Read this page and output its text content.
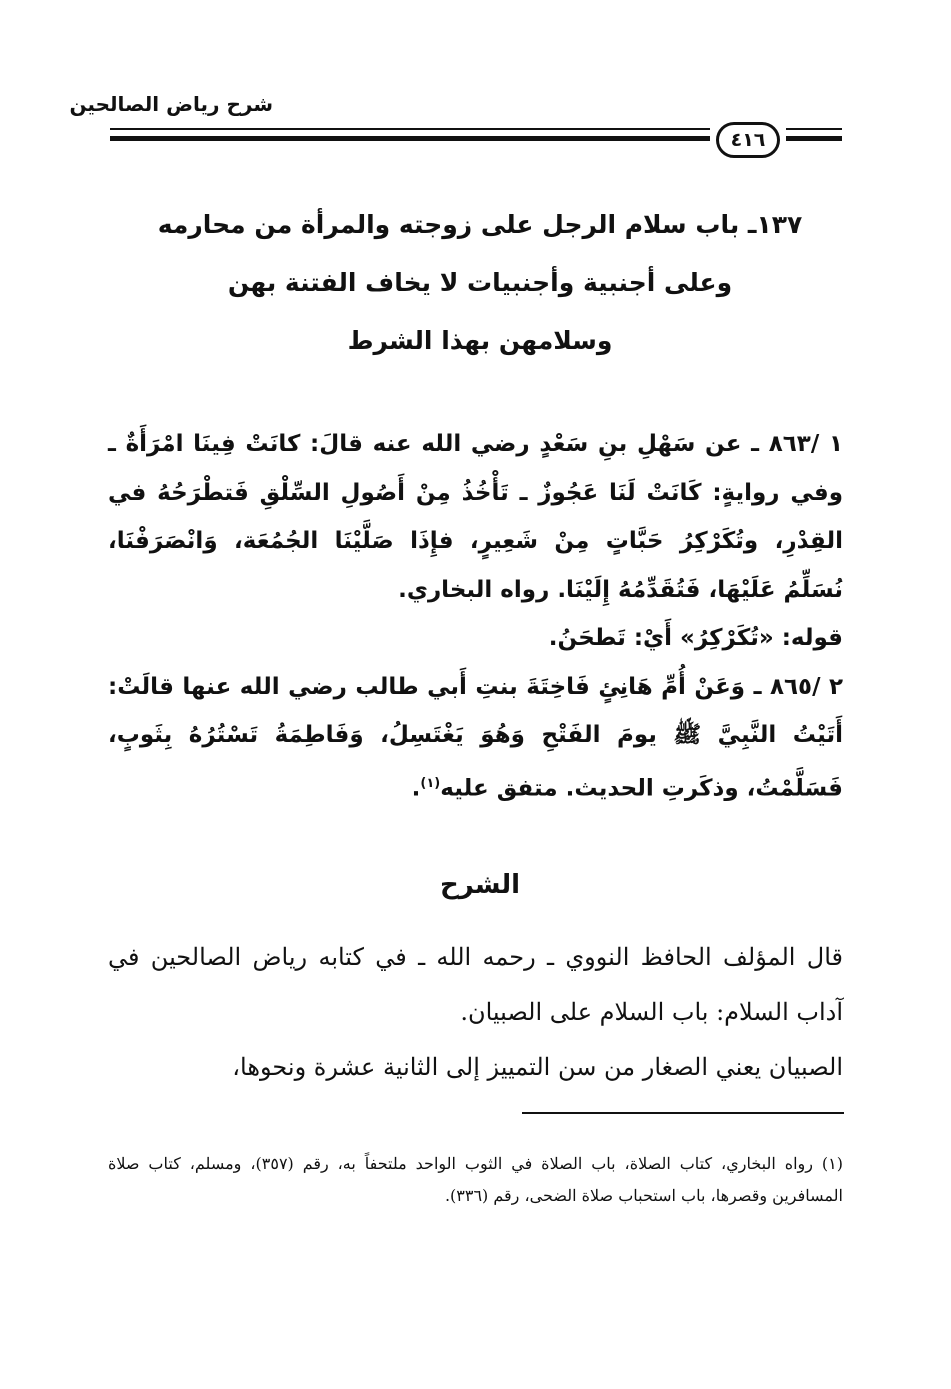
شرح رياض الصالحين
٤١٦
١٣٧ـ باب سلام الرجل على زوجته والمرأة من محارمه
وعلى أجنبية وأجنبيات لا يخاف الفتنة بهن
وسلامهن بهذا الشرط

١ /٨٦٣ ـ عن سَهْلِ بنِ سَعْدٍ رضي الله عنه قالَ: كانَتْ فِينَا امْرَأَةٌ ـ وفي روايةٍ: كَانَتْ لَنَا عَجُوزٌ ـ تَأْخُذُ مِنْ أَصُولِ السِّلْقِ فَتطْرَحُهُ في القِدْرِ، وتُكَرْكِرُ حَبَّاتٍ مِنْ شَعِيرٍ، فإِذَا صَلَّيْنَا الجُمُعَة، وَانْصَرَفْنَا، نُسَلِّمُ عَلَيْهَا، فَتُقَدِّمُهُ إِلَيْنَا. رواه البخاري.

قوله: «تُكَرْكِرُ» أَيْ: تَطحَنُ.

٢ /٨٦٥ ـ وَعَنْ أُمِّ هَانِئٍ فَاخِتَةَ بنتِ أَبي طالب رضي الله عنها قالَتْ: أَتَيْتُ النَّبِيَّ ﷺ يومَ الفَتْحِ وَهُوَ يَغْتَسِلُ، وَفَاطِمَةُ تَسْتُرُهُ بِثَوبٍ، فَسَلَّمْتُ، وذكَرتِ الحديث. متفق عليه$^{(١)}$.

الشرح

قال المؤلف الحافظ النووي ـ رحمه الله ـ في كتابه رياض الصالحين في آداب السلام: باب السلام على الصبيان.

الصبيان يعني الصغار من سن التمييز إلى الثانية عشرة ونحوها،

(١) رواه البخاري، كتاب الصلاة، باب الصلاة في الثوب الواحد ملتحفاً به، رقم (٣٥٧)، ومسلم، كتاب صلاة المسافرين وقصرها، باب استحباب صلاة الضحى، رقم (٣٣٦).
